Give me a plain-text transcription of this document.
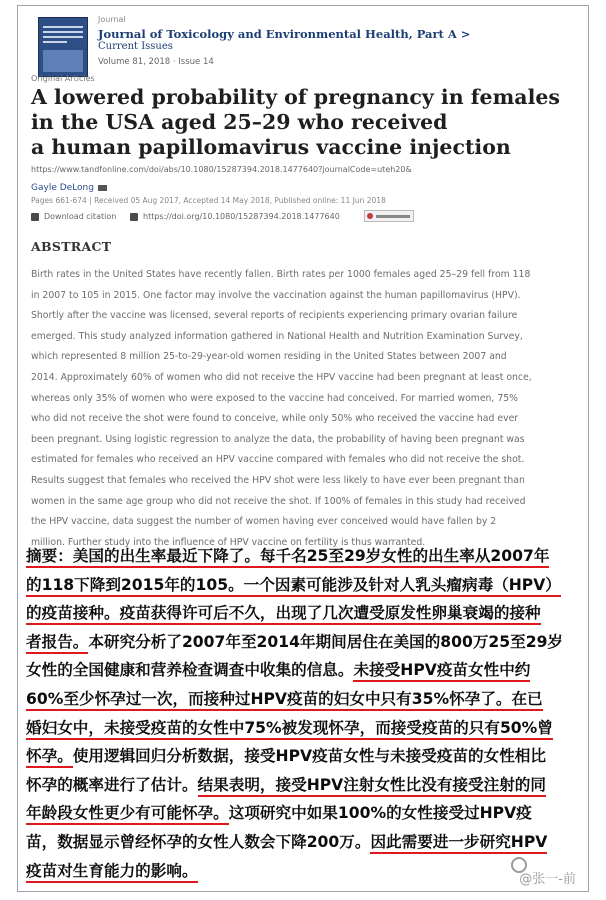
Journal
Journal of Toxicology and Environmental Health, Part A >
Current Issues
Volume 81, 2018 · Issue 14
Original Articles
A lowered probability of pregnancy in females
in the USA aged 25–29 who received
a human papillomavirus vaccine injection
https://www.tandfonline.com/doi/abs/10.1080/15287394.2018.1477640?journalCode=uteh20&
Gayle DeLong
Pages 661-674 | Received 05 Aug 2017, Accepted 14 May 2018, Published online: 11 Jun 2018
Download citation	https://doi.org/10.1080/15287394.2018.1477640
ABSTRACT
Birth rates in the United States have recently fallen. Birth rates per 1000 females aged 25–29 fell from 118
in 2007 to 105 in 2015. One factor may involve the vaccination against the human papillomavirus (HPV).
Shortly after the vaccine was licensed, several reports of recipients experiencing primary ovarian failure
emerged. This study analyzed information gathered in National Health and Nutrition Examination Survey,
which represented 8 million 25-to-29-year-old women residing in the United States between 2007 and
2014. Approximately 60% of women who did not receive the HPV vaccine had been pregnant at least once,
whereas only 35% of women who were exposed to the vaccine had conceived. For married women, 75%
who did not receive the shot were found to conceive, while only 50% who received the vaccine had ever
been pregnant. Using logistic regression to analyze the data, the probability of having been pregnant was
estimated for females who received an HPV vaccine compared with females who did not receive the shot.
Results suggest that females who received the HPV shot were less likely to have ever been pregnant than
women in the same age group who did not receive the shot. If 100% of females in this study had received
the HPV vaccine, data suggest the number of women having ever conceived would have fallen by 2
million. Further study into the influence of HPV vaccine on fertility is thus warranted.
摘要：美国的出生率最近下降了。每千名25至29岁女性的出生率从2007年
的118下降到2015年的105。一个因素可能涉及针对人乳头瘤病毒（HPV）
的疫苗接种。疫苗获得许可后不久，出现了几次遭受原发性卵巢衰竭的接种
者报告。本研究分析了2007年至2014年期间居住在美国的800万25至29岁
女性的全国健康和营养检查调查中收集的信息。未接受HPV疫苗女性中约
60%至少怀孕过一次，而接种过HPV疫苗的妇女中只有35%怀孕了。在已
婚妇女中，未接受疫苗的女性中75%被发现怀孕，而接受疫苗的只有50%曾
怀孕。使用逻辑回归分析数据，接受HPV疫苗女性与未接受疫苗的女性相比
怀孕的概率进行了估计。结果表明，接受HPV注射女性比没有接受注射的同
年龄段女性更少有可能怀孕。这项研究中如果100%的女性接受过HPV疫
苗，数据显示曾经怀孕的女性人数会下降200万。因此需要进一步研究HPV
疫苗对生育能力的影响。	@张一-前
